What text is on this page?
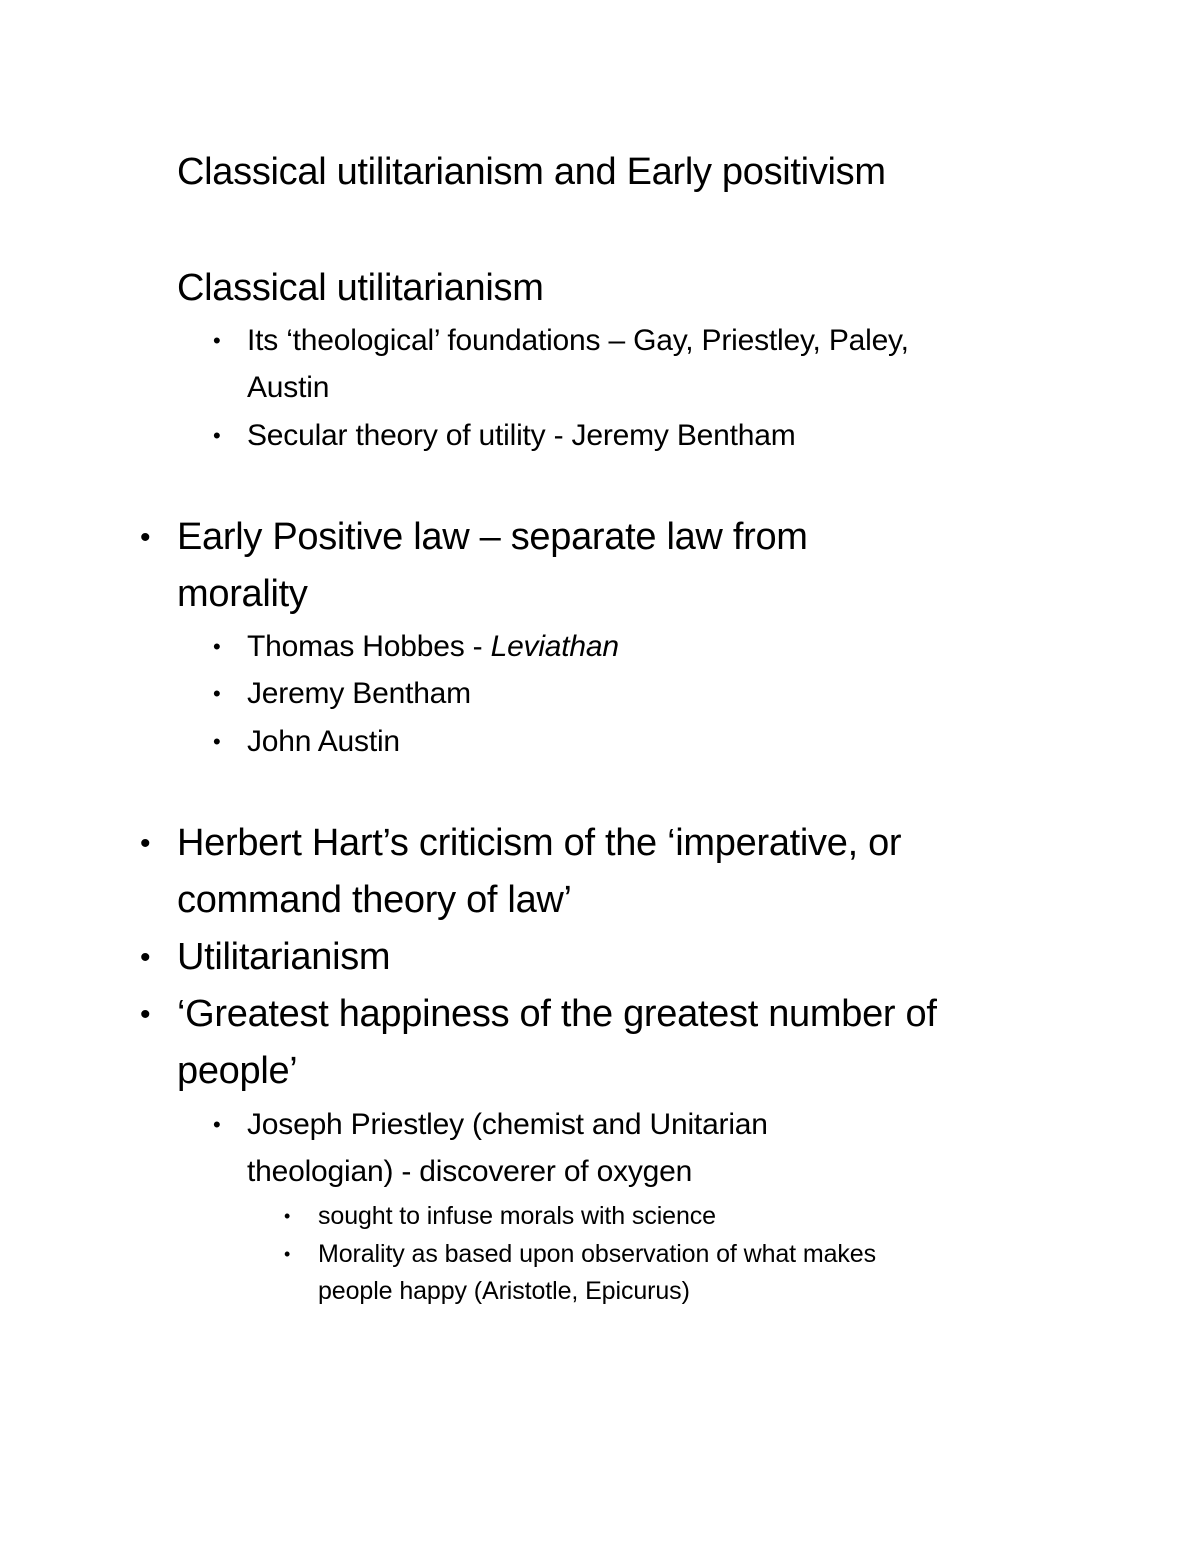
Classical utilitarianism and Early positivism
Classical utilitarianism
• Its ‘theological’ foundations – Gay, Priestley, Paley,
Austin
• Secular theory of utility - Jeremy Bentham
• Early Positive law – separate law from
morality
• Thomas Hobbes - Leviathan
• Jeremy Bentham
• John Austin
• Herbert Hart’s criticism of the ‘imperative, or
command theory of law’
• Utilitarianism
• ‘Greatest happiness of the greatest number of
people’
• Joseph Priestley (chemist and Unitarian
theologian) - discoverer of oxygen
• sought to infuse morals with science
• Morality as based upon observation of what makes
people happy (Aristotle, Epicurus)
